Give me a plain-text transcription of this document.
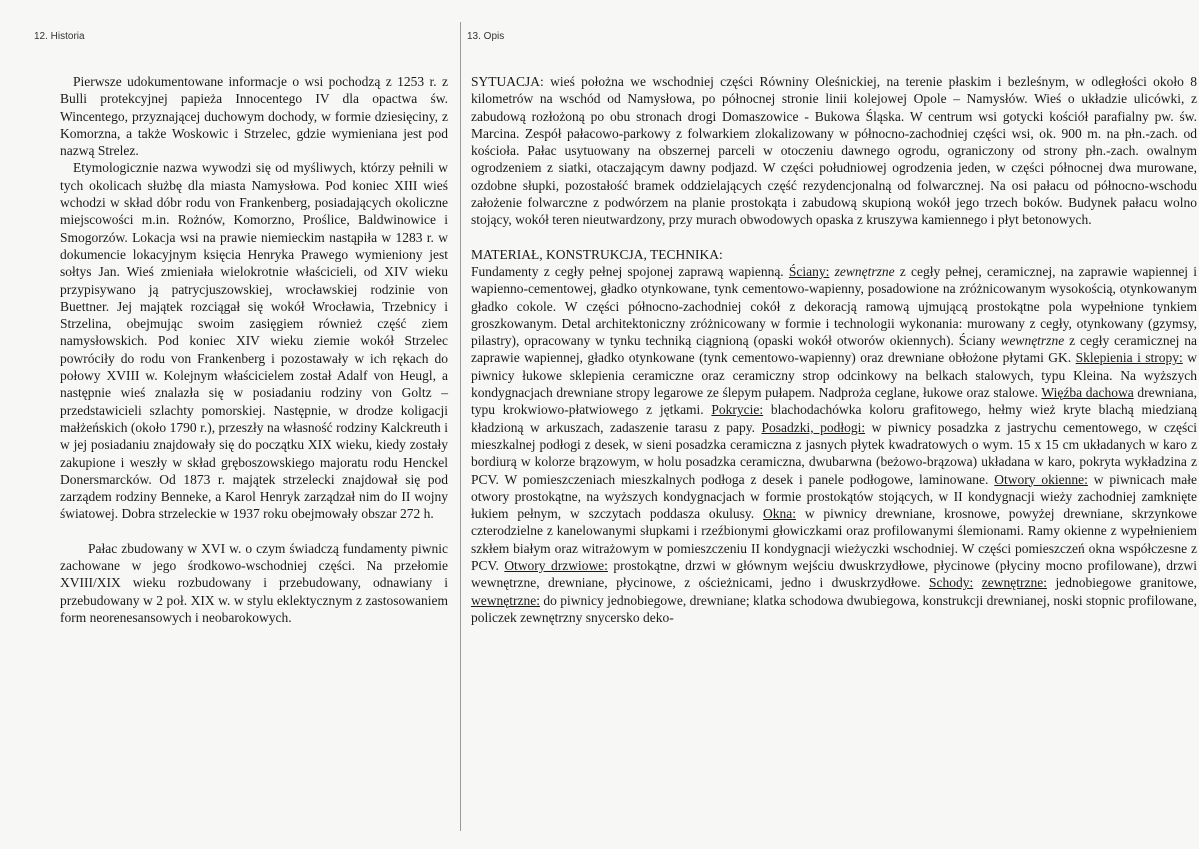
12. Historia

Pierwsze udokumentowane informacje o wsi pochodzą z 1253 r. z Bulli protekcyjnej papieża Innocentego IV dla opactwa św. Wincentego, przyznającej duchowym dochody, w formie dziesięciny, z Komorzna, a także Woskowic i Strzelec, gdzie wymieniana jest pod nazwą Strelez.

Etymologicznie nazwa wywodzi się od myśliwych, którzy pełnili w tych okolicach służbę dla miasta Namysłowa. Pod koniec XIII wieś wchodzi w skład dóbr rodu von Frankenberg, posiadających okoliczne miejscowości m.in. Rożnów, Komorzno, Proślice, Baldwinowice i Smogorzów. Lokacja wsi na prawie niemieckim nastąpiła w 1283 r. w dokumencie lokacyjnym księcia Henryka Prawego wymieniony jest sołtys Jan. Wieś zmieniała wielokrotnie właścicieli, od XIV wieku przypisywano ją patrycjuszowskiej, wrocławskiej rodzinie von Buettner. Jej majątek rozciągał się wokół Wrocławia, Trzebnicy i Strzelina, obejmując swoim zasięgiem również część ziem namysłowskich. Pod koniec XIV wieku ziemie wokół Strzelec powróciły do rodu von Frankenberg i pozostawały w ich rękach do połowy XVIII w. Kolejnym właścicielem został Adalf von Heugl, a następnie wieś znalazła się w posiadaniu rodziny von Goltz – przedstawicieli szlachty pomorskiej. Następnie, w drodze koligacji małżeńskich (około 1790 r.), przeszły na własność rodziny Kalckreuth i w jej posiadaniu znajdowały się do początku XIX wieku, kiedy zostały zakupione i weszły w skład gręboszowskiego majoratu rodu Henckel Donersmarcków. Od 1873 r. majątek strzelecki znajdował się pod zarządem rodziny Benneke, a Karol Henryk zarządzał nim do II wojny światowej. Dobra strzeleckie w 1937 roku obejmowały obszar 272 h.

Pałac zbudowany w XVI w. o czym świadczą fundamenty piwnic zachowane w jego środkowo-wschodniej części. Na przełomie XVIII/XIX wieku rozbudowany i przebudowany, odnawiany i przebudowany w 2 poł. XIX w. w stylu eklektycznym z zastosowaniem form neorenesansowych i neobarokowych.

13. Opis

SYTUACJA: wieś położna we wschodniej części Równiny Oleśnickiej, na terenie płaskim i bezleśnym, w odległości około 8 kilometrów na wschód od Namysłowa, po północnej stronie linii kolejowej Opole – Namysłów. Wieś o układzie ulicówki, z zabudową rozłożoną po obu stronach drogi Domaszowice - Bukowa Śląska. W centrum wsi gotycki kościół parafialny pw. św. Marcina. Zespół pałacowo-parkowy z folwarkiem zlokalizowany w północno-zachodniej części wsi, ok. 900 m. na płn.-zach. od kościoła. Pałac usytuowany na obszernej parceli w otoczeniu dawnego ogrodu, ograniczony od strony płn.-zach. owalnym ogrodzeniem z siatki, otaczającym dawny podjazd. W części południowej ogrodzenia jeden, w części północnej dwa murowane, ozdobne słupki, pozostałość bramek oddzielających część rezydencjonalną od folwarcznej. Na osi pałacu od północno-wschodu założenie folwarczne z podwórzem na planie prostokąta i zabudową skupioną wokół jego trzech boków. Budynek pałacu wolno stojący, wokół teren nieutwardzony, przy murach obwodowych opaska z kruszywa kamiennego i płyt betonowych.

MATERIAŁ, KONSTRUKCJA, TECHNIKA:

Fundamenty z cegły pełnej spojonej zaprawą wapienną. Ściany: zewnętrzne z cegły pełnej, ceramicznej, na zaprawie wapiennej i wapienno-cementowej, gładko otynkowane, tynk cementowo-wapienny, posadowione na zróżnicowanym wysokością, otynkowanym gładko cokole. W części północno-zachodniej cokół z dekoracją ramową ujmującą prostokątne pola wypełnione tynkiem groszkowanym. Detal architektoniczny zróżnicowany w formie i technologii wykonania: murowany z cegły, otynkowany (gzymsy, pilastry), opracowany w tynku techniką ciągnioną (opaski wokół otworów okiennych). Ściany wewnętrzne z cegły ceramicznej na zaprawie wapiennej, gładko otynkowane (tynk cementowo-wapienny) oraz drewniane obłożone płytami GK. Sklepienia i stropy: w piwnicy łukowe sklepienia ceramiczne oraz ceramiczny strop odcinkowy na belkach stalowych, typu Kleina. Na wyższych kondygnacjach drewniane stropy legarowe ze ślepym pułapem. Nadproża ceglane, łukowe oraz stalowe. Więźba dachowa drewniana, typu krokwiowo-płatwiowego z jętkami. Pokrycie: blachodachówka koloru grafitowego, hełmy wież kryte blachą miedzianą kładzioną w arkuszach, zadaszenie tarasu z papy. Posadzki, podłogi: w piwnicy posadzka z jastrychu cementowego, w części mieszkalnej podłogi z desek, w sieni posadzka ceramiczna z jasnych płytek kwadratowych o wym. 15 x 15 cm układanych w karo z bordiurą w kolorze brązowym, w holu posadzka ceramiczna, dwubarwna (beżowo-brązowa) układana w karo, pokryta wykładzina z PCV. W pomieszczeniach mieszkalnych podłoga z desek i panele podłogowe, laminowane. Otwory okienne: w piwnicach małe otwory prostokątne, na wyższych kondygnacjach w formie prostokątów stojących, w II kondygnacji wieży zachodniej zamknięte łukiem pełnym, w szczytach poddasza okulusy. Okna: w piwnicy drewniane, krosnowe, powyżej drewniane, skrzynkowe czterodzielne z kanelowanymi słupkami i rzeźbionymi głowiczkami oraz profilowanymi ślemionami. Ramy okienne z wypełnieniem szkłem białym oraz witrażowym w pomieszczeniu II kondygnacji wieżyczki wschodniej. W części pomieszczeń okna współczesne z PCV. Otwory drzwiowe: prostokątne, drzwi w głównym wejściu dwuskrzydłowe, płycinowe (płyciny mocno profilowane), drzwi wewnętrzne, drewniane, płycinowe, z ościeżnicami, jedno i dwuskrzydłowe. Schody: zewnętrzne: jednobiegowe granitowe, wewnętrzne: do piwnicy jednobiegowe, drewniane; klatka schodowa dwubiegowa, konstrukcji drewnianej, noski stopnic profilowane, policzek zewnętrzny snycersko deko-
